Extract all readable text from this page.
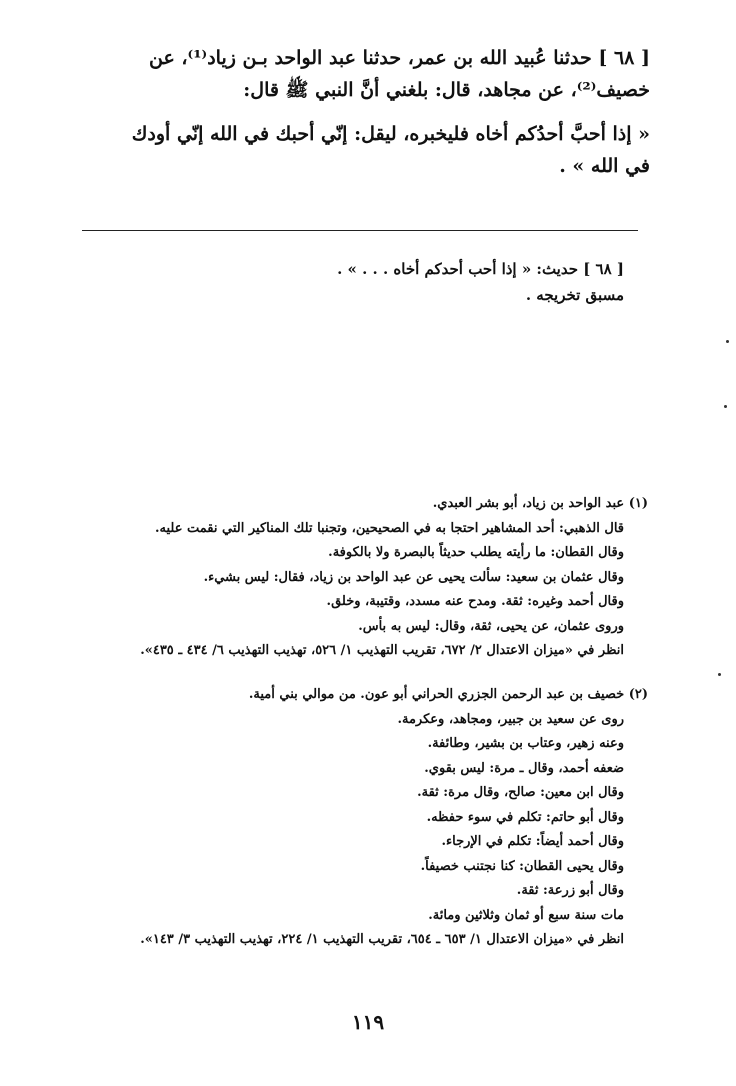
[ ٦٨ ] حدثنا عُبيد الله بن عمر، حدثنا عبد الواحد بـن زياد⁽¹⁾، عن
خصيف⁽²⁾، عن مجاهد، قال: بلغني أنَّ النبي ﷺ قال:
« إذا أحبَّ أحدُكم أخاه فليخبره، ليقل: إنّي أحبك في الله إنّي أودك
في الله » .
[ ٦٨ ] حديث: « إذا أحب أحدكم أخاه . . . » .
مسبق تخريجه .
(١) عبد الواحد بن زياد، أبو بشر العبدي.
قال الذهبي: أحد المشاهير احتجا به في الصحيحين، وتجنبا تلك المناكير التي نقمت عليه.
وقال القطان: ما رأيته يطلب حديثاً بالبصرة ولا بالكوفة.
وقال عثمان بن سعيد: سألت يحيى عن عبد الواحد بن زياد، فقال: ليس بشيء.
وقال أحمد وغيره: ثقة. ومدح عنه مسدد، وقتيبة، وخلق.
وروى عثمان، عن يحيى، ثقة، وقال: ليس به بأس.
انظر في «ميزان الاعتدال ٢/ ٦٧٢، تقريب التهذيب ١/ ٥٢٦، تهذيب التهذيب ٦/ ٤٣٤ ـ ٤٣٥».
(٢) خصيف بن عبد الرحمن الجزري الحراني أبو عون. من موالي بني أمية.
روى عن سعيد بن جبير، ومجاهد، وعكرمة.
وعنه زهير، وعتاب بن بشير، وطائفة.
ضعفه أحمد، وقال ـ مرة: ليس بقوي.
وقال ابن معين: صالح، وقال مرة: ثقة.
وقال أبو حاتم: تكلم في سوء حفظه.
وقال أحمد أيضاً: تكلم في الإرجاء.
وقال يحيى القطان: كنا نجتنب خصيفاً.
وقال أبو زرعة: ثقة.
مات سنة سبع أو ثمان وثلاثين ومائة.
انظر في «ميزان الاعتدال ١/ ٦٥٣ ـ ٦٥٤، تقريب التهذيب ١/ ٢٢٤، تهذيب التهذيب ٣/ ١٤٣».
١١٩
